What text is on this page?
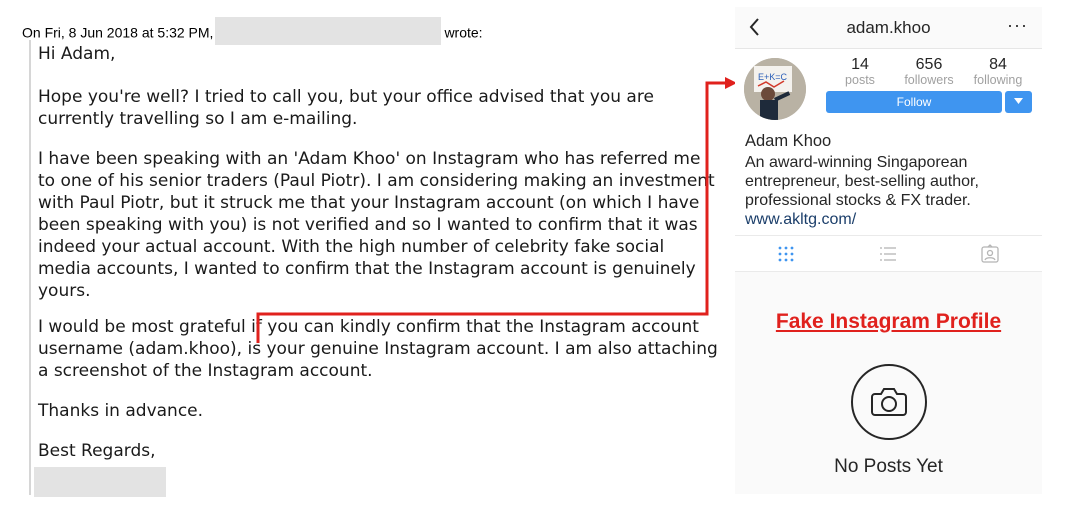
On Fri, 8 Jun 2018 at 5:32 PM,	wrote:

Hi Adam,

Hope you're well? I tried to call you, but your office advised that you are currently travelling so I am e-mailing.

I have been speaking with an 'Adam Khoo' on Instagram who has referred me to one of his senior traders (Paul Piotr). I am considering making an investment with Paul Piotr, but it struck me that your Instagram account (on which I have been speaking with you) is not verified and so I wanted to confirm that it was indeed your actual account. With the high number of celebrity fake social media accounts, I wanted to confirm that the Instagram account is genuinely yours.

I would be most grateful if you can kindly confirm that the Instagram account username (adam.khoo), is your genuine Instagram account. I am also attaching a screenshot of the Instagram account.

Thanks in advance.

Best Regards,

adam.khoo	···
E+K=C
14
posts
656
followers
84
following
Follow
Adam Khoo
An award-winning Singaporean entrepreneur, best-selling author, professional stocks & FX trader.
www.akltg.com/
Fake Instagram Profile
No Posts Yet
